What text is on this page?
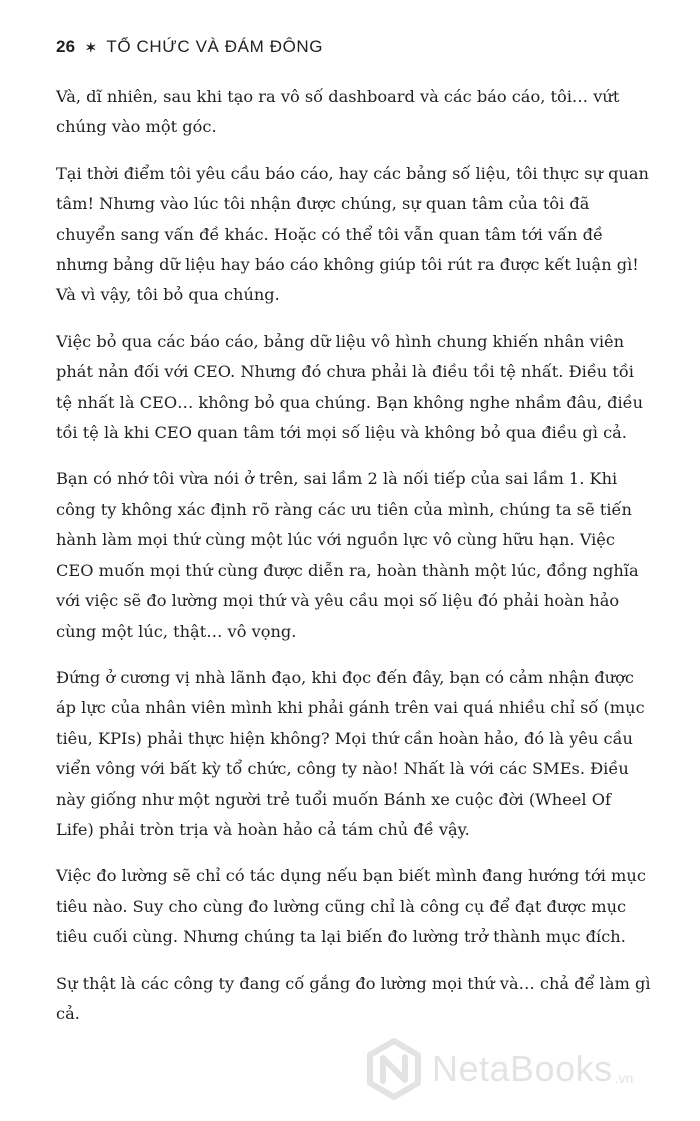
26 ✶ TỔ CHỨC VÀ ĐÁM ĐÔNG

Và, dĩ nhiên, sau khi tạo ra vô số dashboard và các báo cáo, tôi… vứt chúng vào một góc.

Tại thời điểm tôi yêu cầu báo cáo, hay các bảng số liệu, tôi thực sự quan tâm! Nhưng vào lúc tôi nhận được chúng, sự quan tâm của tôi đã chuyển sang vấn đề khác. Hoặc có thể tôi vẫn quan tâm tới vấn đề nhưng bảng dữ liệu hay báo cáo không giúp tôi rút ra được kết luận gì! Và vì vậy, tôi bỏ qua chúng.

Việc bỏ qua các báo cáo, bảng dữ liệu vô hình chung khiến nhân viên phát nản đối với CEO. Nhưng đó chưa phải là điều tồi tệ nhất. Điều tồi tệ nhất là CEO… không bỏ qua chúng. Bạn không nghe nhầm đâu, điều tồi tệ là khi CEO quan tâm tới mọi số liệu và không bỏ qua điều gì cả.

Bạn có nhớ tôi vừa nói ở trên, sai lầm 2 là nối tiếp của sai lầm 1. Khi công ty không xác định rõ ràng các ưu tiên của mình, chúng ta sẽ tiến hành làm mọi thứ cùng một lúc với nguồn lực vô cùng hữu hạn. Việc CEO muốn mọi thứ cùng được diễn ra, hoàn thành một lúc, đồng nghĩa với việc sẽ đo lường mọi thứ và yêu cầu mọi số liệu đó phải hoàn hảo cùng một lúc, thật… vô vọng.

Đứng ở cương vị nhà lãnh đạo, khi đọc đến đây, bạn có cảm nhận được áp lực của nhân viên mình khi phải gánh trên vai quá nhiều chỉ số (mục tiêu, KPIs) phải thực hiện không? Mọi thứ cần hoàn hảo, đó là yêu cầu viển vông với bất kỳ tổ chức, công ty nào! Nhất là với các SMEs. Điều này giống như một người trẻ tuổi muốn Bánh xe cuộc đời (Wheel Of Life) phải tròn trịa và hoàn hảo cả tám chủ đề vậy.

Việc đo lường sẽ chỉ có tác dụng nếu bạn biết mình đang hướng tới mục tiêu nào. Suy cho cùng đo lường cũng chỉ là công cụ để đạt được mục tiêu cuối cùng. Nhưng chúng ta lại biến đo lường trở thành mục đích.

Sự thật là các công ty đang cố gắng đo lường mọi thứ và… chả để làm gì cả.

NetaBooks .vn
